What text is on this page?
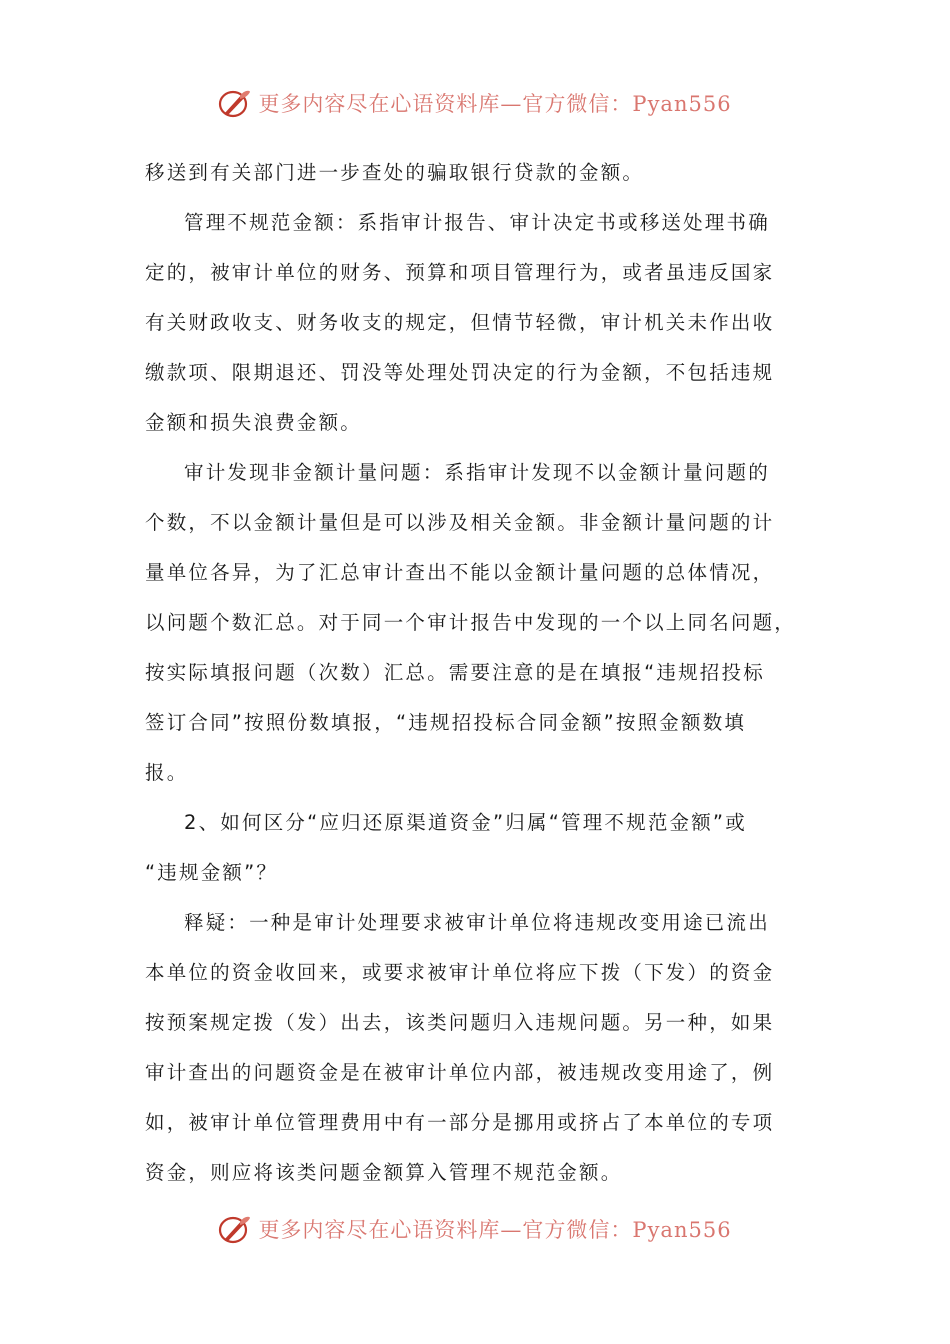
更多内容尽在心语资料库—官方微信：Pyan556

移送到有关部门进一步查处的骗取银行贷款的金额。

管理不规范金额：系指审计报告、审计决定书或移送处理书确
定的，被审计单位的财务、预算和项目管理行为，或者虽违反国家
有关财政收支、财务收支的规定，但情节轻微，审计机关未作出收
缴款项、限期退还、罚没等处理处罚决定的行为金额，不包括违规
金额和损失浪费金额。

审计发现非金额计量问题：系指审计发现不以金额计量问题的
个数，不以金额计量但是可以涉及相关金额。非金额计量问题的计
量单位各异，为了汇总审计查出不能以金额计量问题的总体情况，
以问题个数汇总。对于同一个审计报告中发现的一个以上同名问题，
按实际填报问题（次数）汇总。需要注意的是在填报“违规招投标
签订合同”按照份数填报，“违规招投标合同金额”按照金额数填
报。

2、如何区分“应归还原渠道资金”归属“管理不规范金额”或
“违规金额”？

释疑：一种是审计处理要求被审计单位将违规改变用途已流出
本单位的资金收回来，或要求被审计单位将应下拨（下发）的资金
按预案规定拨（发）出去，该类问题归入违规问题。另一种，如果
审计查出的问题资金是在被审计单位内部，被违规改变用途了，例
如，被审计单位管理费用中有一部分是挪用或挤占了本单位的专项
资金，则应将该类问题金额算入管理不规范金额。

更多内容尽在心语资料库—官方微信：Pyan556
